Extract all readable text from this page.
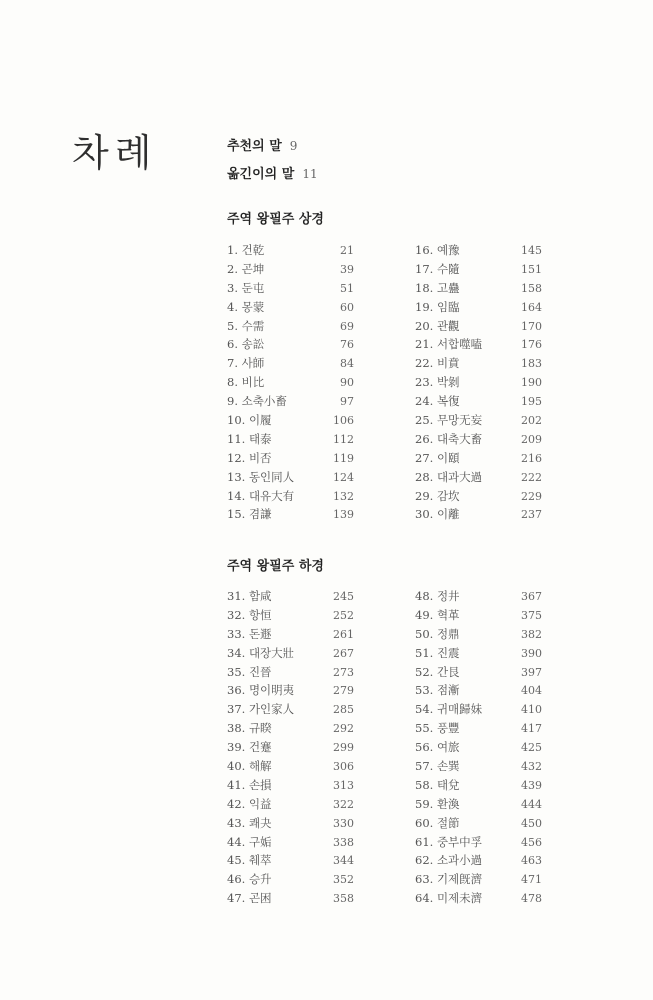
차례	추천의 말 9
옮긴이의 말 11
주역 왕필주 상경
1. 건乾	21
2. 곤坤	39
3. 둔屯	51
4. 몽蒙	60
5. 수需	69
6. 송訟	76
7. 사師	84
8. 비比	90
9. 소축小畜	97
10. 이履	106
11. 태泰	112
12. 비否	119
13. 동인同人	124
14. 대유大有	132
15. 겸謙	139
16. 예豫	145
17. 수隨	151
18. 고蠱	158
19. 임臨	164
20. 관觀	170
21. 서합噬嗑	176
22. 비賁	183
23. 박剝	190
24. 복復	195
25. 무망无妄	202
26. 대축大畜	209
27. 이頤	216
28. 대과大過	222
29. 감坎	229
30. 이離	237
주역 왕필주 하경
31. 함咸	245
32. 항恒	252
33. 돈遯	261
34. 대장大壯	267
35. 진晉	273
36. 명이明夷	279
37. 가인家人	285
38. 규睽	292
39. 건蹇	299
40. 해解	306
41. 손損	313
42. 익益	322
43. 쾌夬	330
44. 구姤	338
45. 췌萃	344
46. 승升	352
47. 곤困	358
48. 정井	367
49. 혁革	375
50. 정鼎	382
51. 진震	390
52. 간艮	397
53. 점漸	404
54. 귀매歸妹	410
55. 풍豐	417
56. 여旅	425
57. 손巽	432
58. 태兌	439
59. 환渙	444
60. 절節	450
61. 중부中孚	456
62. 소과小過	463
63. 기제旣濟	471
64. 미제未濟	478
